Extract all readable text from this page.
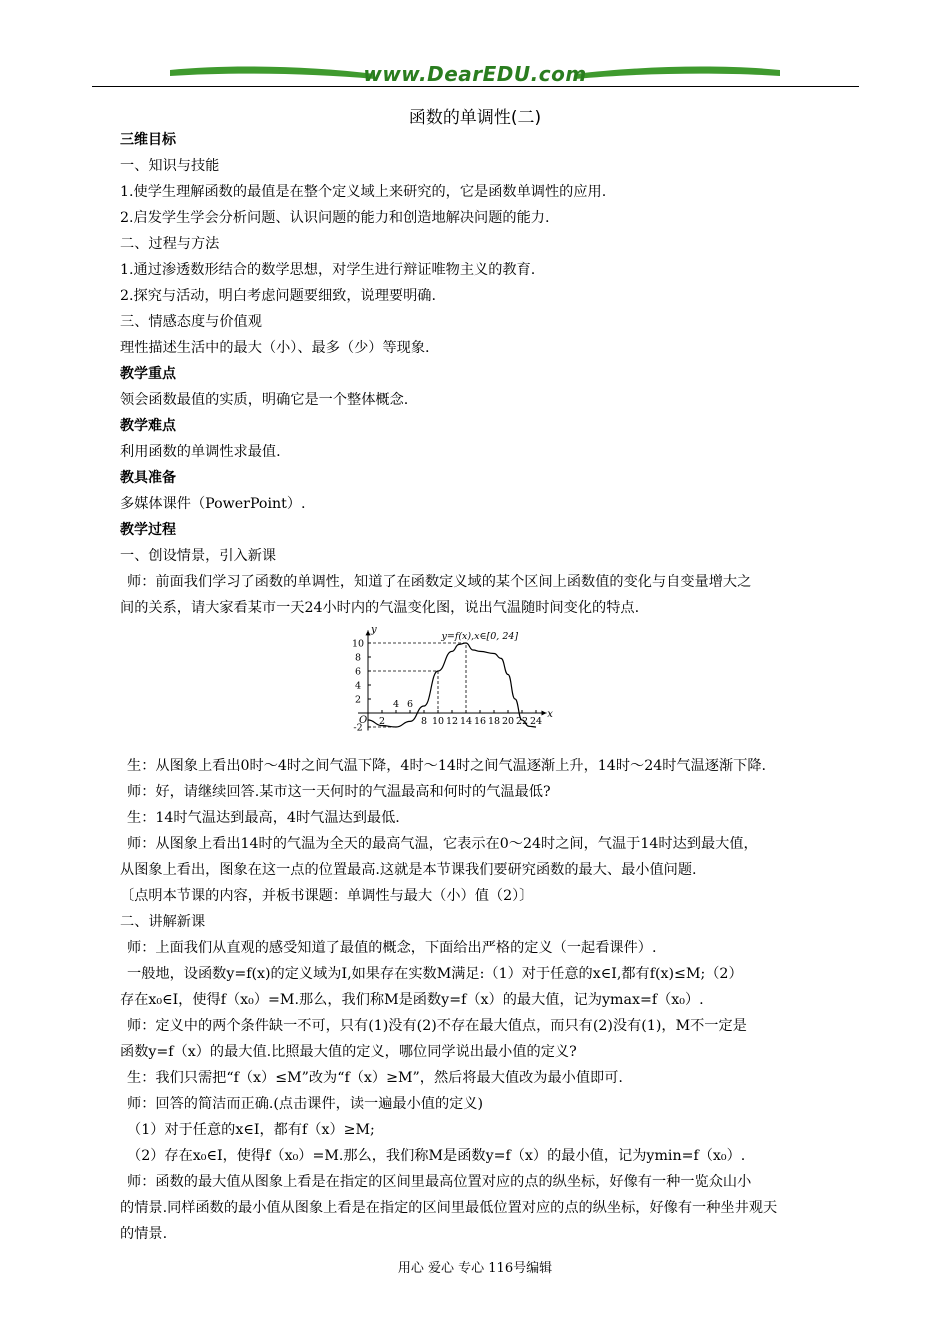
www.DearEDU.com
函数的单调性(二)
三维目标
一、知识与技能
1.使学生理解函数的最值是在整个定义域上来研究的，它是函数单调性的应用.
2.启发学生学会分析问题、认识问题的能力和创造地解决问题的能力.
二、过程与方法
1.通过渗透数形结合的数学思想，对学生进行辩证唯物主义的教育.
2.探究与活动，明白考虑问题要细致，说理要明确.
三、情感态度与价值观
理性描述生活中的最大（小）、最多（少）等现象.
教学重点
领会函数最值的实质，明确它是一个整体概念.
教学难点
利用函数的单调性求最值.
教具准备
多媒体课件（PowerPoint）.
教学过程
一、创设情景，引入新课
师：前面我们学习了函数的单调性，知道了在函数定义域的某个区间上函数值的变化与自变量增大之
间的关系，请大家看某市一天24小时内的气温变化图，说出气温随时间变化的特点.
y
x
O
y=f(x),x∈[0, 24]
10
8
6
4
2
-2
2
4 6
8 10 12 14 16 18 20 22 24
生：从图象上看出0时～4时之间气温下降，4时～14时之间气温逐渐上升，14时～24时气温逐渐下降.
师：好，请继续回答.某市这一天何时的气温最高和何时的气温最低?
生：14时气温达到最高，4时气温达到最低.
师：从图象上看出14时的气温为全天的最高气温，它表示在0～24时之间，气温于14时达到最大值，
从图象上看出，图象在这一点的位置最高.这就是本节课我们要研究函数的最大、最小值问题.
〔点明本节课的内容，并板书课题：单调性与最大（小）值（2）〕
二、讲解新课
师：上面我们从直观的感受知道了最值的概念，下面给出严格的定义（一起看课件）.
一般地，设函数y=f(x)的定义域为I,如果存在实数M满足:（1）对于任意的x∈I,都有f(x)≤M;（2）
存在x₀∈I，使得f（x₀）=M.那么，我们称M是函数y=f（x）的最大值，记为ymax=f（x₀）.
师：定义中的两个条件缺一不可，只有(1)没有(2)不存在最大值点，而只有(2)没有(1)，M不一定是
函数y=f（x）的最大值.比照最大值的定义，哪位同学说出最小值的定义?
生：我们只需把“f（x）≤M”改为“f（x）≥M”，然后将最大值改为最小值即可.
师：回答的简洁而正确.(点击课件，读一遍最小值的定义)
（1）对于任意的x∈I，都有f（x）≥M;
（2）存在x₀∈I，使得f（x₀）=M.那么，我们称M是函数y=f（x）的最小值，记为ymin=f（x₀）.
师：函数的最大值从图象上看是在指定的区间里最高位置对应的点的纵坐标，好像有一种一览众山小
的情景.同样函数的最小值从图象上看是在指定的区间里最低位置对应的点的纵坐标，好像有一种坐井观天
的情景.
用心 爱心 专心 116号编辑
